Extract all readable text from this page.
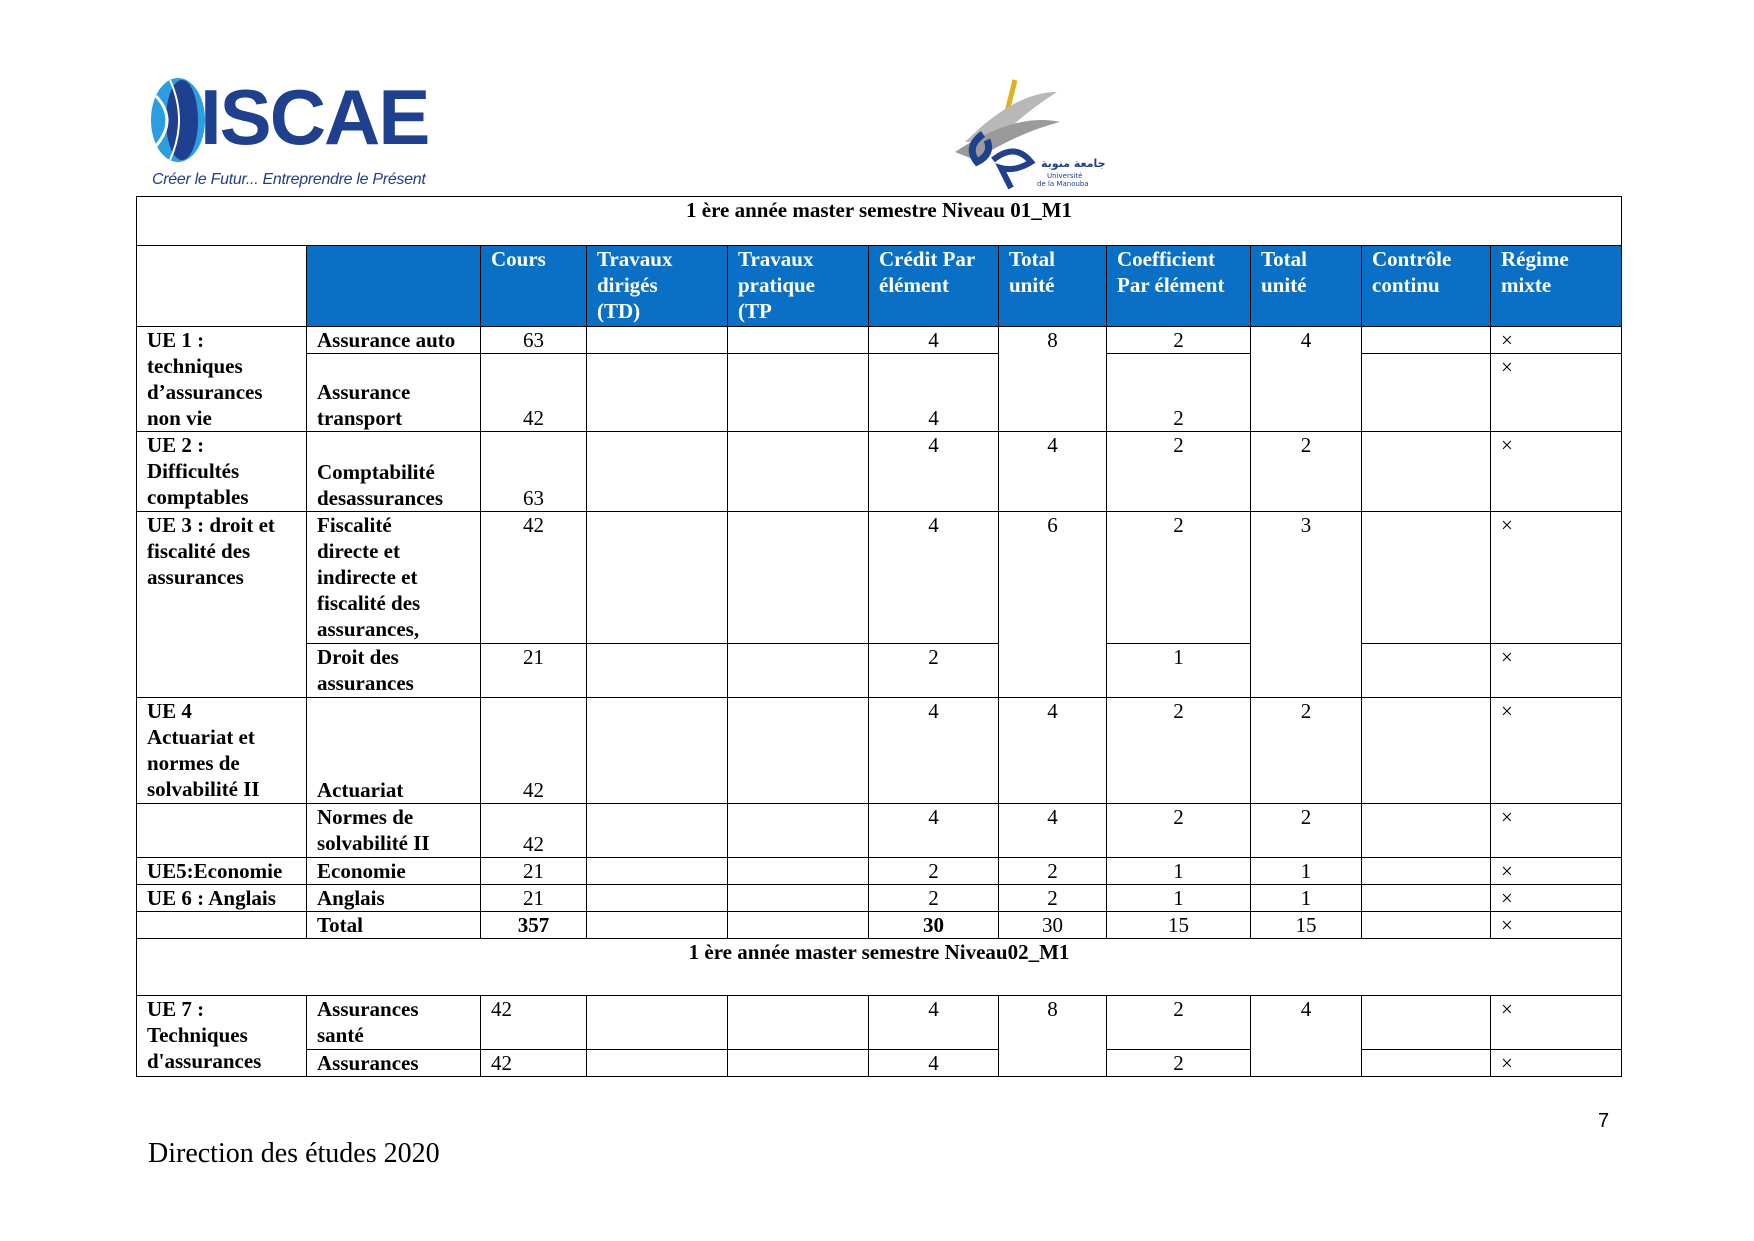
ISCAE
Créer le Futur... Entreprendre le Présent
جامعة منوبة
Université
de la Manouba
1 ère année master semestre Niveau 01_M1										
		Cours	Travaux
dirigés
(TD)	Travaux
pratique
(TP	Crédit Par
élément	Total
unité	Coefficient
Par élément	Total
unité	Contrôle
continu	Régime
mixte
UE 1 :
techniques
d’assurances
non vie	Assurance auto	63			4	8	2	4		×
	Assurance
transport	42			4		2			×
UE 2 :
Difficultés
comptables	Comptabilité
desassurances	63			4	4	2	2		×
UE 3 : droit et
fiscalité des
assurances	Fiscalité
directe et
indirecte et
fiscalité des
assurances,	42			4	6	2	3		×
	Droit des
assurances	21			2		1			×
UE 4
Actuariat et
normes de
solvabilité II	Actuariat	42			4	4	2	2		×
	Normes de
solvabilité II	42			4	4	2	2		×
UE5:Economie	Economie	21			2	2	1	1		×
UE 6 : Anglais	Anglais	21			2	2	1	1		×
	Total	357			30	30	15	15		×
1 ère année master semestre Niveau02_M1										
UE 7 :
Techniques
d'assurances	Assurances
santé	42			4	8	2	4		×
	Assurances	42			4		2			×
7
Direction des études 2020
